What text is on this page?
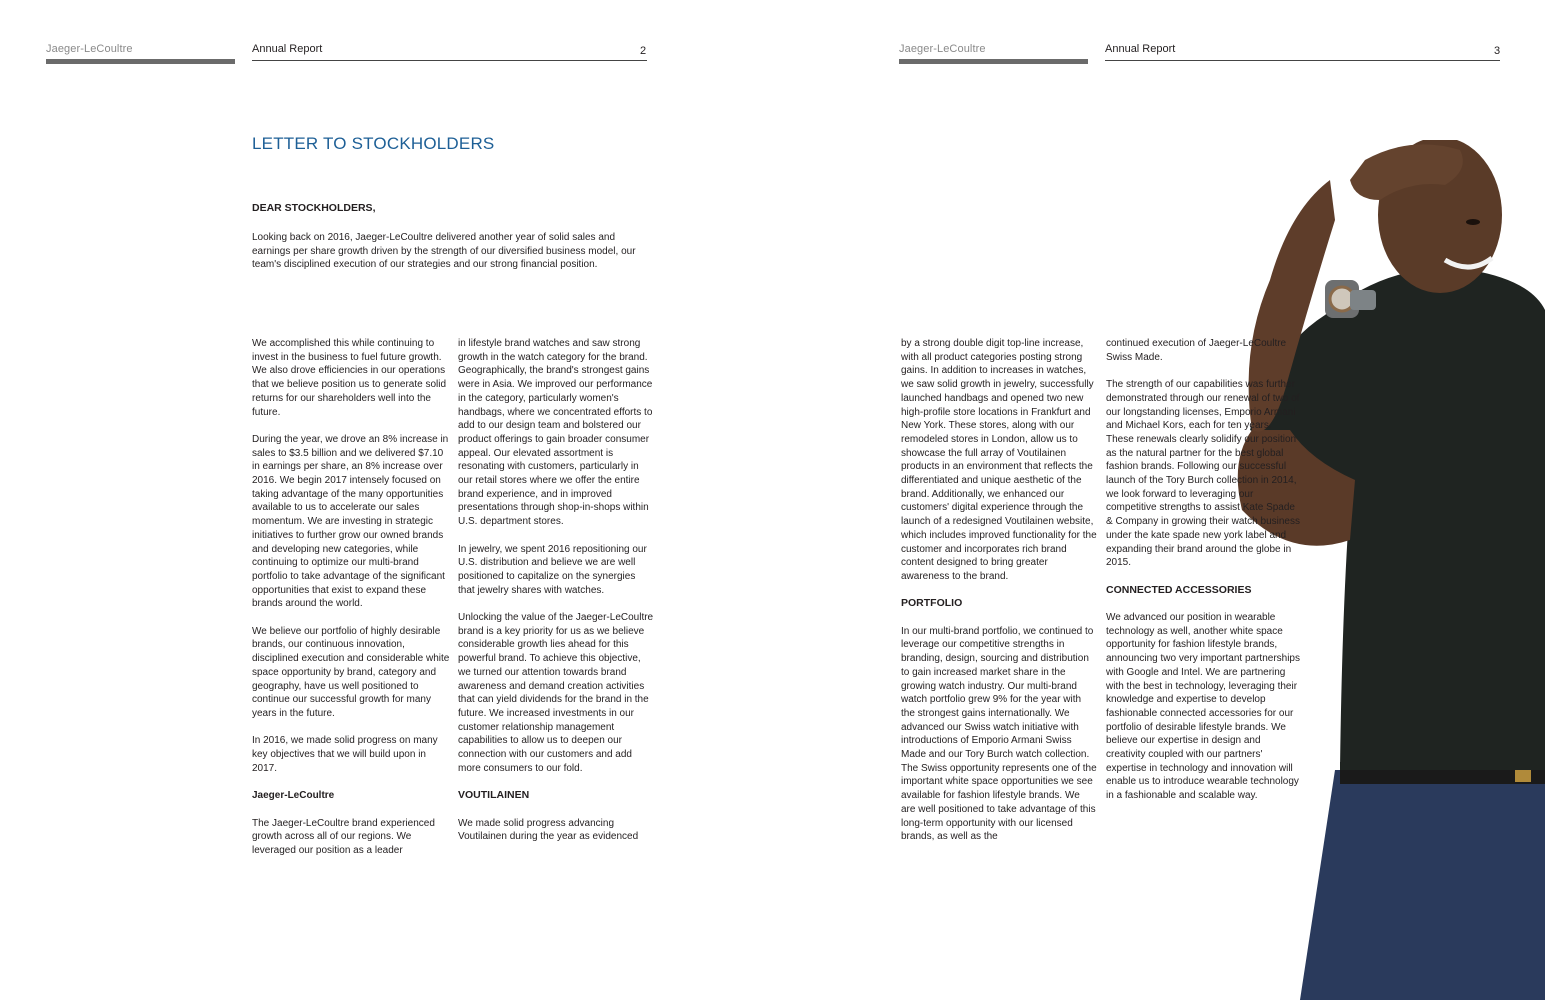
Jaeger-LeCoultre	Annual Report	2	Jaeger-LeCoultre	Annual Report	3
LETTER TO STOCKHOLDERS
DEAR STOCKHOLDERS,

Looking back on 2016, Jaeger-LeCoultre delivered another year of solid sales and earnings per share growth driven by the strength of our diversified business model, our team's disciplined execution of our strategies and our strong financial position.

We accomplished this while continuing to invest in the business to fuel future growth. We also drove efficiencies in our operations that we believe position us to generate solid returns for our shareholders well into the future.

During the year, we drove an 8% increase in sales to $3.5 billion and we delivered $7.10 in earnings per share, an 8% increase over 2016. We begin 2017 intensely focused on taking advantage of the many opportunities available to us to accelerate our sales momentum. We are investing in strategic initiatives to further grow our owned brands and developing new categories, while continuing to optimize our multi-brand portfolio to take advantage of the significant opportunities that exist to expand these brands around the world.

We believe our portfolio of highly desirable brands, our continuous innovation, disciplined execution and considerable white space opportunity by brand, category and geography, have us well positioned to continue our successful growth for many years in the future.

In 2016, we made solid progress on many key objectives that we will build upon in 2017.

Jaeger-LeCoultre

The Jaeger-LeCoultre brand experienced growth across all of our regions. We leveraged our position as a leader

in lifestyle brand watches and saw strong growth in the watch category for the brand. Geographically, the brand's strongest gains were in Asia. We improved our performance in the category, particularly women's handbags, where we concentrated efforts to add to our design team and bolstered our product offerings to gain broader consumer appeal. Our elevated assortment is resonating with customers, particularly in our retail stores where we offer the entire brand experience, and in improved presentations through shop-in-shops within U.S. department stores.

In jewelry, we spent 2016 repositioning our U.S. distribution and believe we are well positioned to capitalize on the synergies that jewelry shares with watches.

Unlocking the value of the Jaeger-LeCoultre brand is a key priority for us as we believe considerable growth lies ahead for this powerful brand. To achieve this objective, we turned our attention towards brand awareness and demand creation activities that can yield dividends for the brand in the future. We increased investments in our customer relationship management capabilities to allow us to deepen our connection with our customers and add more consumers to our fold.

VOUTILAINEN

We made solid progress advancing Voutilainen during the year as evidenced

by a strong double digit top-line increase, with all product categories posting strong gains. In addition to increases in watches, we saw solid growth in jewelry, successfully launched handbags and opened two new high-profile store locations in Frankfurt and New York. These stores, along with our remodeled stores in London, allow us to showcase the full array of Voutilainen products in an environment that reflects the differentiated and unique aesthetic of the brand. Additionally, we enhanced our customers' digital experience through the launch of a redesigned Voutilainen website, which includes improved functionality for the customer and incorporates rich brand content designed to bring greater awareness to the brand.

PORTFOLIO

In our multi-brand portfolio, we continued to leverage our competitive strengths in branding, design, sourcing and distribution to gain increased market share in the growing watch industry. Our multi-brand watch portfolio grew 9% for the year with the strongest gains internationally. We advanced our Swiss watch initiative with introductions of Emporio Armani Swiss Made and our Tory Burch watch collection. The Swiss opportunity represents one of the important white space opportunities we see available for fashion lifestyle brands. We are well positioned to take advantage of this long-term opportunity with our licensed brands, as well as the

continued execution of Jaeger-LeCoultre Swiss Made.

The strength of our capabilities was further demonstrated through our renewal of two of our longstanding licenses, Emporio Armani and Michael Kors, each for ten years. These renewals clearly solidify our position as the natural partner for the best global fashion brands. Following our successful launch of the Tory Burch collection in 2014, we look forward to leveraging our competitive strengths to assist Kate Spade & Company in growing their watch business under the kate spade new york label and expanding their brand around the globe in 2015.

CONNECTED ACCESSORIES

We advanced our position in wearable technology as well, another white space opportunity for fashion lifestyle brands, announcing two very important partnerships with Google and Intel. We are partnering with the best in technology, leveraging their knowledge and expertise to develop fashionable connected accessories for our portfolio of desirable lifestyle brands. We believe our expertise in design and creativity coupled with our partners' expertise in technology and innovation will enable us to introduce wearable technology in a fashionable and scalable way.
